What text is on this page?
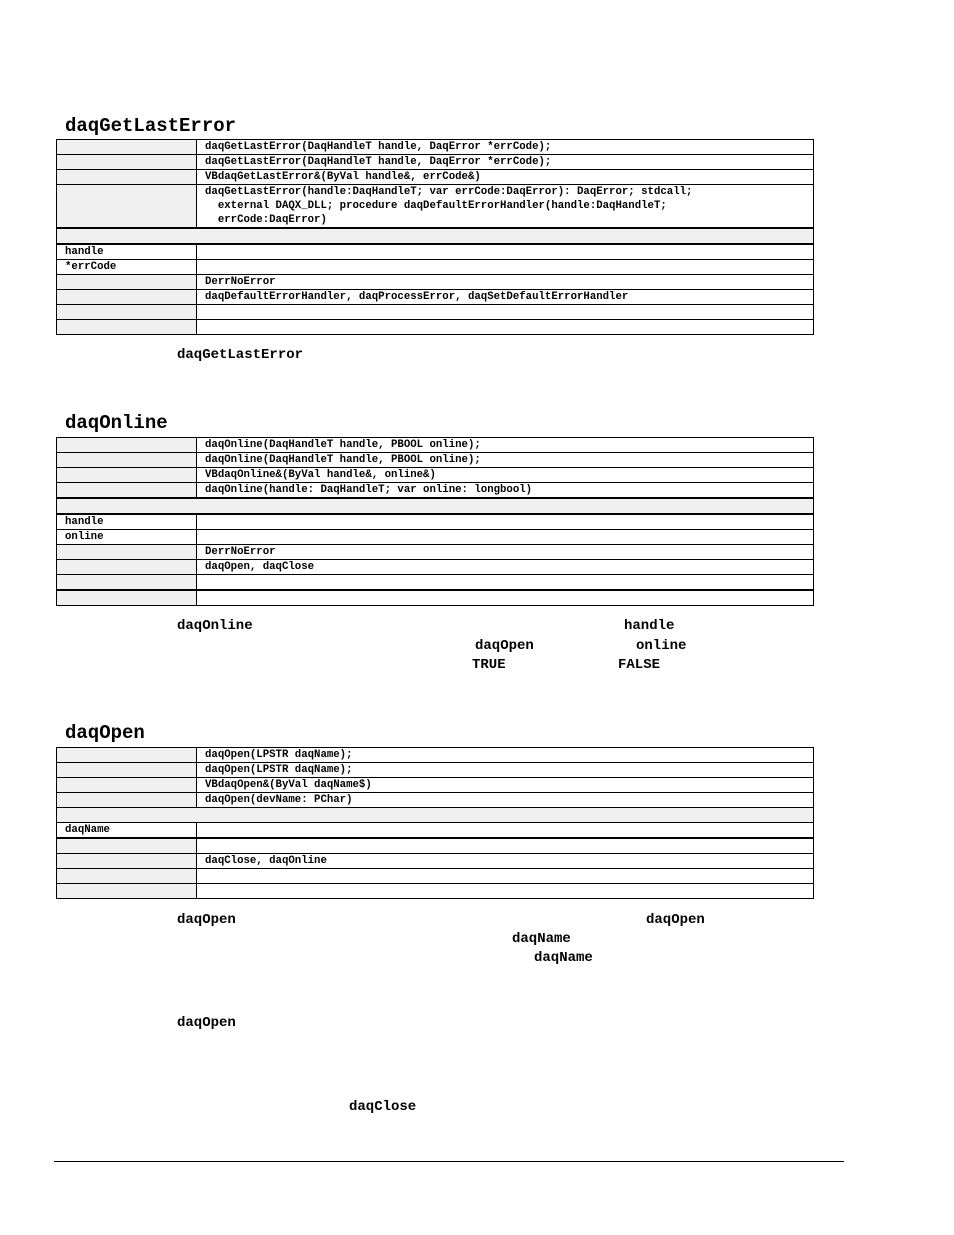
daqGetLastError
	daqGetLastError(DaqHandleT handle, DaqError *errCode);
	daqGetLastError(DaqHandleT handle, DaqError *errCode);
	VBdaqGetLastError&(ByVal handle&, errCode&)
	daqGetLastError(handle:DaqHandleT; var errCode:DaqError): DaqError; stdcall;
external DAQX_DLL; procedure daqDefaultErrorHandler(handle:DaqHandleT;
errCode:DaqError)

handle	
*errCode	
	DerrNoError
	daqDefaultErrorHandler, daqProcessError, daqSetDefaultErrorHandler

daqGetLastError

daqOnline
	daqOnline(DaqHandleT handle, PBOOL online);
	daqOnline(DaqHandleT handle, PBOOL online);
	VBdaqOnline&(ByVal handle&, online&)
	daqOnline(handle: DaqHandleT; var online: longbool)

handle	
online	
	DerrNoError
	daqOpen, daqClose

daqOnline	handle

daqOpen	online

TRUE	FALSE

daqOpen
	daqOpen(LPSTR daqName);
	daqOpen(LPSTR daqName);
	VBdaqOpen&(ByVal daqName$)
	daqOpen(devName: PChar)

daqName	

	daqClose, daqOnline

daqOpen	daqOpen

daqName

daqName

daqOpen

daqClose
